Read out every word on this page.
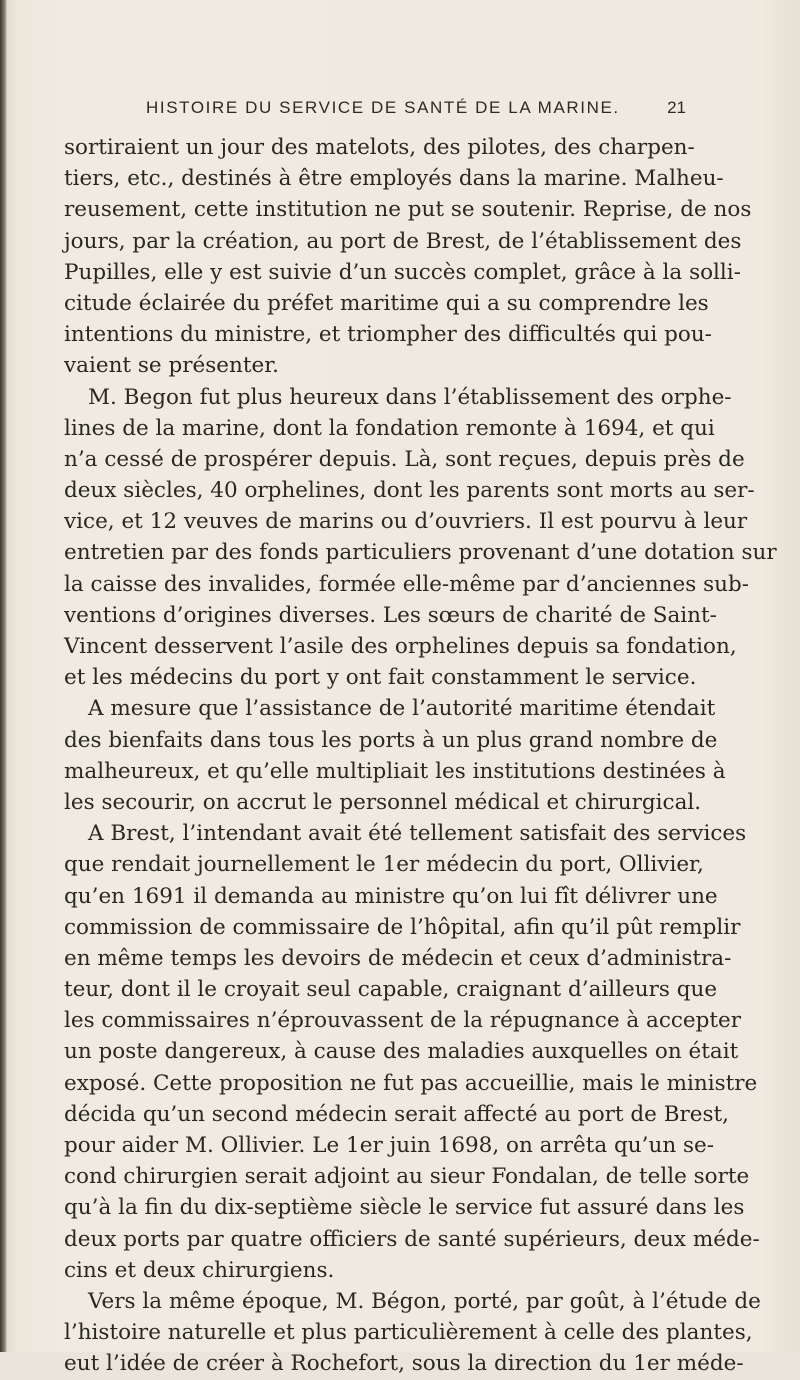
HISTOIRE DU SERVICE DE SANTÉ DE LA MARINE.	21
sortiraient un jour des matelots, des pilotes, des charpen-
tiers, etc., destinés à être employés dans la marine. Malheu-
reusement, cette institution ne put se soutenir. Reprise, de nos
jours, par la création, au port de Brest, de l’établissement des
Pupilles, elle y est suivie d’un succès complet, grâce à la solli-
citude éclairée du préfet maritime qui a su comprendre les
intentions du ministre, et triompher des difficultés qui pou-
vaient se présenter.
M. Begon fut plus heureux dans l’établissement des orphe-
lines de la marine, dont la fondation remonte à 1694, et qui
n’a cessé de prospérer depuis. Là, sont reçues, depuis près de
deux siècles, 40 orphelines, dont les parents sont morts au ser-
vice, et 12 veuves de marins ou d’ouvriers. Il est pourvu à leur
entretien par des fonds particuliers provenant d’une dotation sur
la caisse des invalides, formée elle-même par d’anciennes sub-
ventions d’origines diverses. Les sœurs de charité de Saint-
Vincent desservent l’asile des orphelines depuis sa fondation,
et les médecins du port y ont fait constamment le service.
A mesure que l’assistance de l’autorité maritime étendait
des bienfaits dans tous les ports à un plus grand nombre de
malheureux, et qu’elle multipliait les institutions destinées à
les secourir, on accrut le personnel médical et chirurgical.
A Brest, l’intendant avait été tellement satisfait des services
que rendait journellement le 1er médecin du port, Ollivier,
qu’en 1691 il demanda au ministre qu’on lui fît délivrer une
commission de commissaire de l’hôpital, afin qu’il pût remplir
en même temps les devoirs de médecin et ceux d’administra-
teur, dont il le croyait seul capable, craignant d’ailleurs que
les commissaires n’éprouvassent de la répugnance à accepter
un poste dangereux, à cause des maladies auxquelles on était
exposé. Cette proposition ne fut pas accueillie, mais le ministre
décida qu’un second médecin serait affecté au port de Brest,
pour aider M. Ollivier. Le 1er juin 1698, on arrêta qu’un se-
cond chirurgien serait adjoint au sieur Fondalan, de telle sorte
qu’à la fin du dix-septième siècle le service fut assuré dans les
deux ports par quatre officiers de santé supérieurs, deux méde-
cins et deux chirurgiens.
Vers la même époque, M. Bégon, porté, par goût, à l’étude de
l’histoire naturelle et plus particulièrement à celle des plantes,
eut l’idée de créer à Rochefort, sous la direction du 1er méde-
